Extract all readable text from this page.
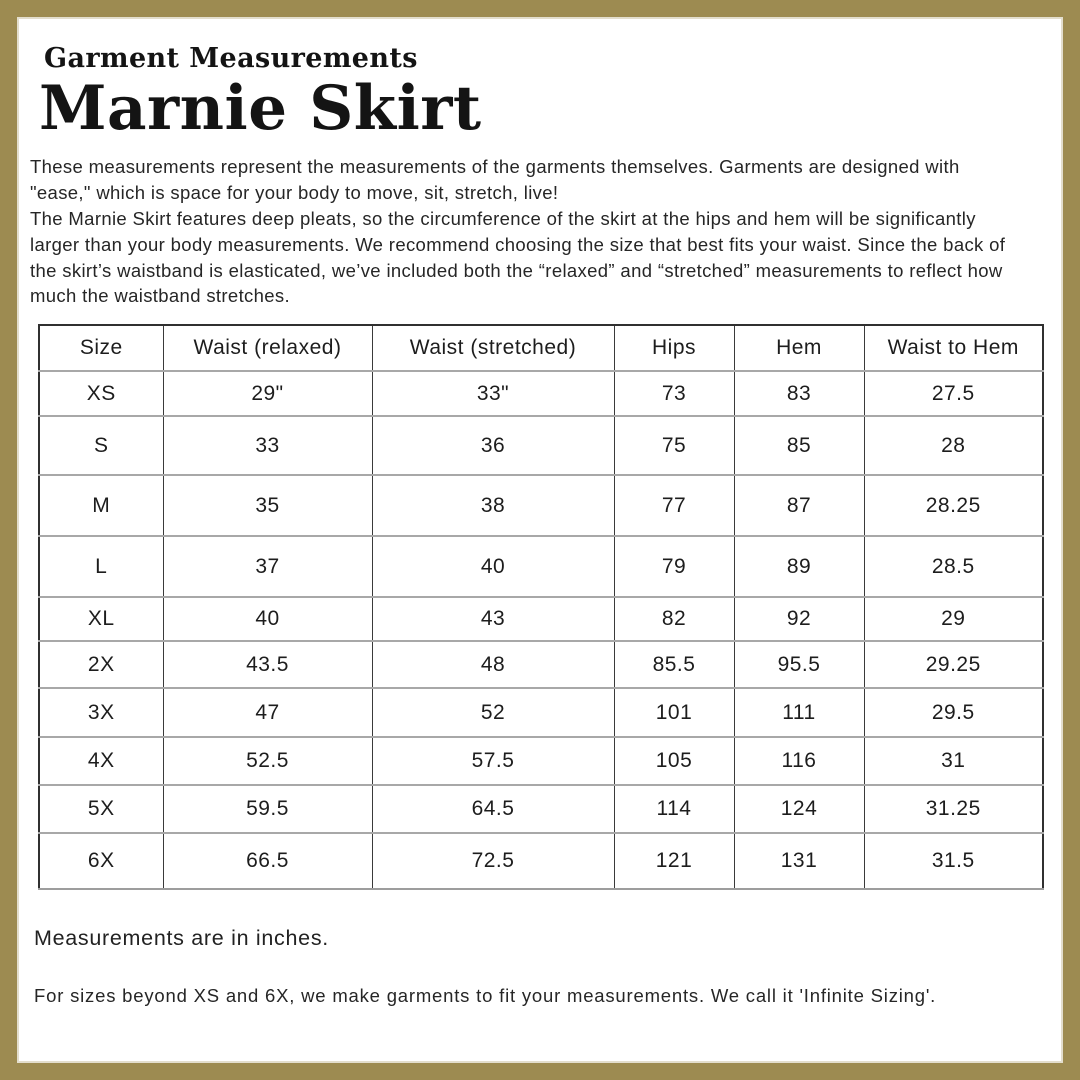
Garment Measurements
Marnie Skirt

These measurements represent the measurements of the garments themselves. Garments are designed with "ease," which is space for your body to move, sit, stretch, live!

The Marnie Skirt features deep pleats, so the circumference of the skirt at the hips and hem will be significantly larger than your body measurements. We recommend choosing the size that best fits your waist. Since the back of the skirt’s waistband is elasticated, we’ve included both the “relaxed” and “stretched” measurements to reflect how much the waistband stretches.

Size	Waist (relaxed)	Waist (stretched)	Hips	Hem	Waist to Hem
XS	29"	33"	73	83	27.5
S	33	36	75	85	28
M	35	38	77	87	28.25
L	37	40	79	89	28.5
XL	40	43	82	92	29
2X	43.5	48	85.5	95.5	29.25
3X	47	52	101	111	29.5
4X	52.5	57.5	105	116	31
5X	59.5	64.5	114	124	31.25
6X	66.5	72.5	121	131	31.5
Measurements are in inches.
For sizes beyond XS and 6X, we make garments to fit your measurements. We call it 'Infinite Sizing'.
